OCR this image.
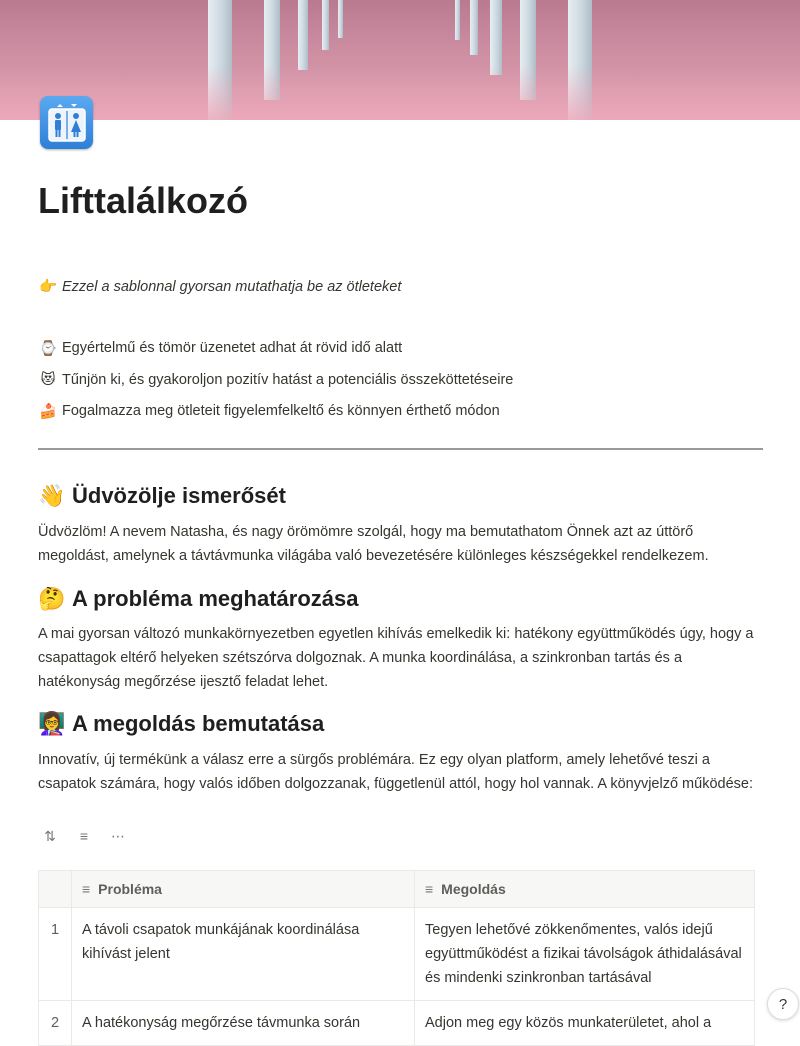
Lifttalálkozó
👉 Ezzel a sablonnal gyorsan mutathatja be az ötleteket
⌚ Egyértelmű és tömör üzenetet adhat át rövid idő alatt
😻 Tűnjön ki, és gyakoroljon pozitív hatást a potenciális összeköttetéseire
🍰 Fogalmazza meg ötleteit figyelemfelkeltő és könnyen érthető módon
👋 Üdvözölje ismerősét
Üdvözlöm! A nevem Natasha, és nagy örömömre szolgál, hogy ma bemutathatom Önnek azt az úttörő megoldást, amelynek a távtávmunka világába való bevezetésére különleges készségekkel rendelkezem.
🤔 A probléma meghatározása
A mai gyorsan változó munkakörnyezetben egyetlen kihívás emelkedik ki: hatékony együttműködés úgy, hogy a csapattagok eltérő helyeken szétszórva dolgoznak. A munka koordinálása, a szinkronban tartás és a hatékonyság megőrzése ijesztő feladat lehet.
👩‍🏫 A megoldás bemutatása
Innovatív, új termékünk a válasz erre a sürgős problémára. Ez egy olyan platform, amely lehetővé teszi a csapatok számára, hogy valós időben dolgozzanak, függetlenül attól, hogy hol vannak. A könyvjelző működése:
⇅	≡	⋯
	≡ Probléma	≡ Megoldás
1	A távoli csapatok munkájának koordinálása kihívást jelent	Tegyen lehetővé zökkenőmentes, valós idejű együttműködést a fizikai távolságok áthidalásával és mindenki szinkronban tartásával
2	A hatékonyság megőrzése távmunka során	Adjon meg egy közös munkaterületet, ahol a
?
